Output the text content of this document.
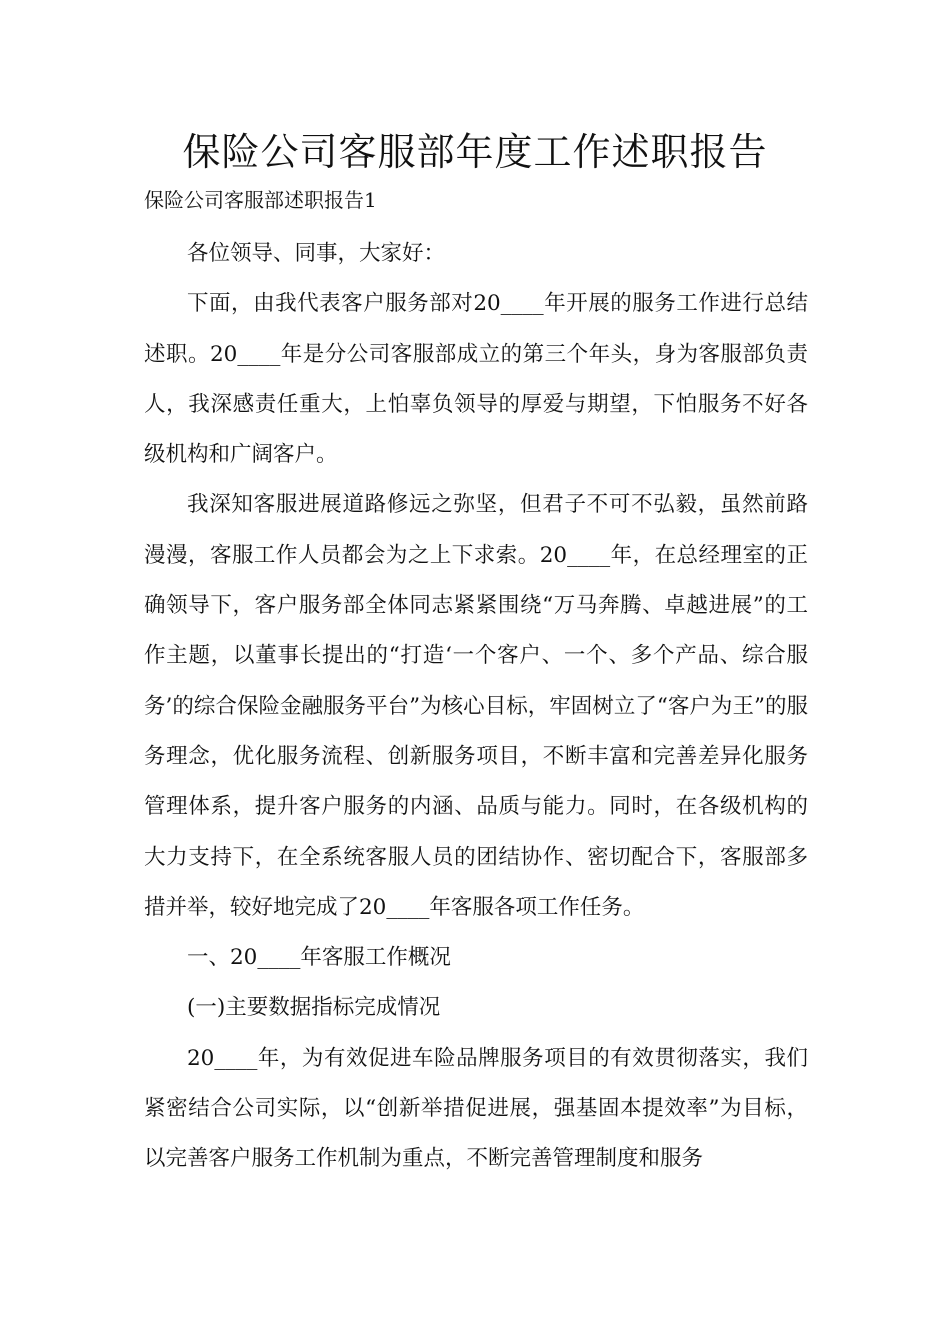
保险公司客服部年度工作述职报告

保险公司客服部述职报告1

各位领导、同事，大家好：

下面，由我代表客户服务部对20____年开展的服务工作进行总结述职。20____年是分公司客服部成立的第三个年头，身为客服部负责人，我深感责任重大，上怕辜负领导的厚爱与期望，下怕服务不好各级机构和广阔客户。

我深知客服进展道路修远之弥坚，但君子不可不弘毅，虽然前路漫漫，客服工作人员都会为之上下求索。20____年，在总经理室的正确领导下，客户服务部全体同志紧紧围绕“万马奔腾、卓越进展”的工作主题，以董事长提出的“打造‘一个客户、一个、多个产品、综合服务’的综合保险金融服务平台”为核心目标，牢固树立了“客户为王”的服务理念，优化服务流程、创新服务项目，不断丰富和完善差异化服务管理体系，提升客户服务的内涵、品质与能力。同时，在各级机构的大力支持下，在全系统客服人员的团结协作、密切配合下，客服部多措并举，较好地完成了20____年客服各项工作任务。

一、20____年客服工作概况

(一)主要数据指标完成情况

20____年，为有效促进车险品牌服务项目的有效贯彻落实，我们紧密结合公司实际，以“创新举措促进展，强基固本提效率”为目标，以完善客户服务工作机制为重点，不断完善管理制度和服务
